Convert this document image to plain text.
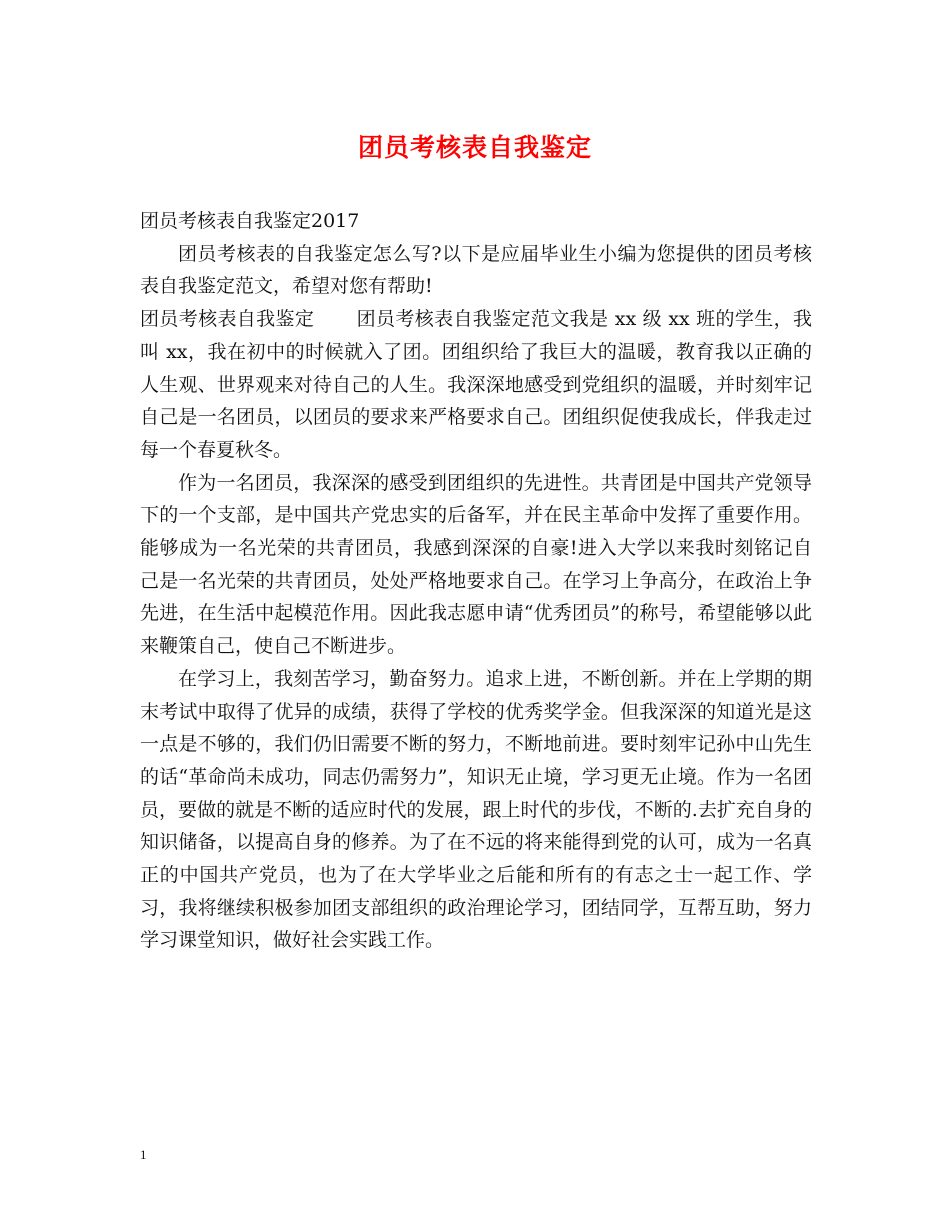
团员考核表自我鉴定

团员考核表自我鉴定2017

团员考核表的自我鉴定怎么写?以下是应届毕业生小编为您提供的团员考核表自我鉴定范文，希望对您有帮助!

团员考核表自我鉴定 团员考核表自我鉴定范文我是 xx 级 xx 班的学生，我叫 xx，我在初中的时候就入了团。团组织给了我巨大的温暖，教育我以正确的人生观、世界观来对待自己的人生。我深深地感受到党组织的温暖，并时刻牢记自己是一名团员，以团员的要求来严格要求自己。团组织促使我成长，伴我走过每一个春夏秋冬。

作为一名团员，我深深的感受到团组织的先进性。共青团是中国共产党领导下的一个支部，是中国共产党忠实的后备军，并在民主革命中发挥了重要作用。能够成为一名光荣的共青团员，我感到深深的自豪!进入大学以来我时刻铭记自己是一名光荣的共青团员，处处严格地要求自己。在学习上争高分，在政治上争先进，在生活中起模范作用。因此我志愿申请“优秀团员”的称号，希望能够以此来鞭策自己，使自己不断进步。

在学习上，我刻苦学习，勤奋努力。追求上进，不断创新。并在上学期的期末考试中取得了优异的成绩，获得了学校的优秀奖学金。但我深深的知道光是这一点是不够的，我们仍旧需要不断的努力，不断地前进。要时刻牢记孙中山先生的话“革命尚未成功，同志仍需努力”，知识无止境，学习更无止境。作为一名团员，要做的就是不断的适应时代的发展，跟上时代的步伐，不断的.去扩充自身的知识储备，以提高自身的修养。为了在不远的将来能得到党的认可，成为一名真正的中国共产党员，也为了在大学毕业之后能和所有的有志之士一起工作、学习，我将继续积极参加团支部组织的政治理论学习，团结同学，互帮互助，努力学习课堂知识，做好社会实践工作。

1
